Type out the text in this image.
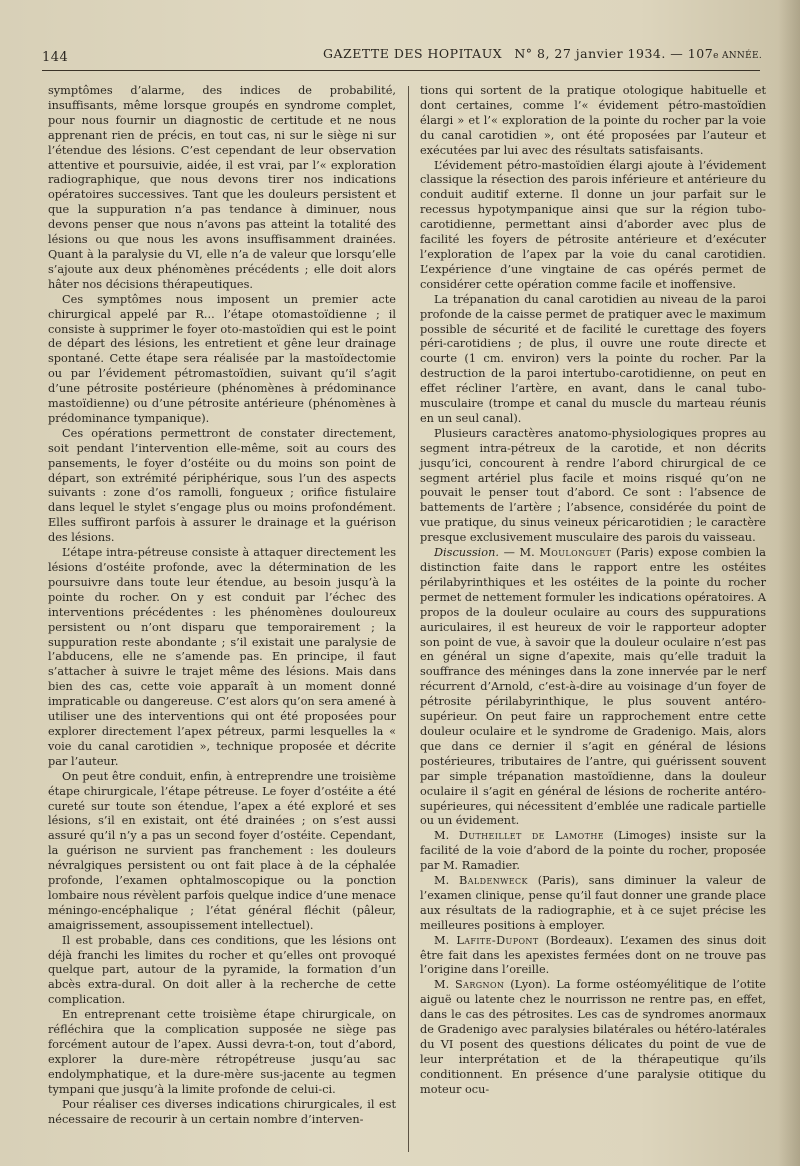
144	GAZETTE DES HOPITAUX N° 8, 27 janvier 1934. — 107e ANNÉE.

symptômes d’alarme, des indices de probabilité, insuffisants, même lorsque groupés en syndrome complet, pour nous fournir un diagnostic de certitude et ne nous apprenant rien de précis, en tout cas, ni sur le siège ni sur l’étendue des lésions. C’est cependant de leur observation attentive et poursuivie, aidée, il est vrai, par l’« exploration radiographique, que nous devons tirer nos indications opératoires successives. Tant que les douleurs persistent et que la suppuration n’a pas tendance à diminuer, nous devons penser que nous n’avons pas atteint la totalité des lésions ou que nous les avons insuffisamment drainées. Quant à la paralysie du VI, elle n’a de valeur que lorsqu’elle s’ajoute aux deux phénomènes précédents ; elle doit alors hâter nos décisions thérapeutiques.

Ces symptômes nous imposent un premier acte chirurgical appelé par R... l’étape otomastoïdienne ; il consiste à supprimer le foyer oto-mastoïdien qui est le point de départ des lésions, les entretient et gêne leur drainage spontané. Cette étape sera réalisée par la mastoïdectomie ou par l’évidement pétromastoïdien, suivant qu’il s’agit d’une pétrosite postérieure (phénomènes à prédominance mastoïdienne) ou d’une pétrosite antérieure (phénomènes à prédominance tympanique).

Ces opérations permettront de constater directement, soit pendant l’intervention elle-même, soit au cours des pansements, le foyer d’ostéite ou du moins son point de départ, son extrémité périphérique, sous l’un des aspects suivants : zone d’os ramolli, fongueux ; orifice fistulaire dans lequel le stylet s’engage plus ou moins profondément. Elles suffiront parfois à assurer le drainage et la guérison des lésions.

L’étape intra-pétreuse consiste à attaquer directement les lésions d’ostéite profonde, avec la détermination de les poursuivre dans toute leur étendue, au besoin jusqu’à la pointe du rocher. On y est conduit par l’échec des interventions précédentes : les phénomènes douloureux persistent ou n’ont disparu que temporairement ; la suppuration reste abondante ; s’il existait une paralysie de l’abducens, elle ne s’amende pas. En principe, il faut s’attacher à suivre le trajet même des lésions. Mais dans bien des cas, cette voie apparaît à un moment donné impraticable ou dangereuse. C’est alors qu’on sera amené à utiliser une des interventions qui ont été proposées pour explorer directement l’apex pétreux, parmi lesquelles la « voie du canal carotidien », technique proposée et décrite par l’auteur.

On peut être conduit, enfin, à entreprendre une troisième étape chirurgicale, l’étape pétreuse. Le foyer d’ostéite a été cureté sur toute son étendue, l’apex a été exploré et ses lésions, s’il en existait, ont été drainées ; on s’est aussi assuré qu’il n’y a pas un second foyer d’ostéite. Cependant, la guérison ne survient pas franchement : les douleurs névralgiques persistent ou ont fait place à de la céphalée profonde, l’examen ophtalmoscopique ou la ponction lombaire nous révèlent parfois quelque indice d’une menace méningo-encéphalique ; l’état général fléchit (pâleur, amaigrissement, assoupissement intellectuel).

Il est probable, dans ces conditions, que les lésions ont déjà franchi les limites du rocher et qu’elles ont provoqué quelque part, autour de la pyramide, la formation d’un abcès extra-dural. On doit aller à la recherche de cette complication.

En entreprenant cette troisième étape chirurgicale, on réfléchira que la complication supposée ne siège pas forcément autour de l’apex. Aussi devra-t-on, tout d’abord, explorer la dure-mère rétropétreuse jusqu’au sac endolymphatique, et la dure-mère sus-jacente au tegmen tympani que jusqu’à la limite profonde de celui-ci.

Pour réaliser ces diverses indications chirurgicales, il est nécessaire de recourir à un certain nombre d’interven-

tions qui sortent de la pratique otologique habituelle et dont certaines, comme l’« évidement pétro-mastoïdien élargi » et l’« exploration de la pointe du rocher par la voie du canal carotidien », ont été proposées par l’auteur et exécutées par lui avec des résultats satisfaisants.

L’évidement pétro-mastoïdien élargi ajoute à l’évidement classique la résection des parois inférieure et antérieure du conduit auditif externe. Il donne un jour parfait sur le recessus hypotympanique ainsi que sur la région tubo-carotidienne, permettant ainsi d’aborder avec plus de facilité les foyers de pétrosite antérieure et d’exécuter l’exploration de l’apex par la voie du canal carotidien. L’expérience d’une vingtaine de cas opérés permet de considérer cette opération comme facile et inoffensive.

La trépanation du canal carotidien au niveau de la paroi profonde de la caisse permet de pratiquer avec le maximum possible de sécurité et de facilité le curettage des foyers péri-carotidiens ; de plus, il ouvre une route directe et courte (1 cm. environ) vers la pointe du rocher. Par la destruction de la paroi intertubo-carotidienne, on peut en effet récliner l’artère, en avant, dans le canal tubo-musculaire (trompe et canal du muscle du marteau réunis en un seul canal).

Plusieurs caractères anatomo-physiologiques propres au segment intra-pétreux de la carotide, et non décrits jusqu’ici, concourent à rendre l’abord chirurgical de ce segment artériel plus facile et moins risqué qu’on ne pouvait le penser tout d’abord. Ce sont : l’absence de battements de l’artère ; l’absence, considérée du point de vue pratique, du sinus veineux péricarotidien ; le caractère presque exclusivement musculaire des parois du vaisseau.

Discussion. — M. Moulonguet (Paris) expose combien la distinction faite dans le rapport entre les ostéites périlabyrinthiques et les ostéites de la pointe du rocher permet de nettement formuler les indications opératoires. A propos de la douleur oculaire au cours des suppurations auriculaires, il est heureux de voir le rapporteur adopter son point de vue, à savoir que la douleur oculaire n’est pas en général un signe d’apexite, mais qu’elle traduit la souffrance des méninges dans la zone innervée par le nerf récurrent d’Arnold, c’est-à-dire au voisinage d’un foyer de pétrosite périlabyrinthique, le plus souvent antéro-supérieur. On peut faire un rapprochement entre cette douleur oculaire et le syndrome de Gradenigo. Mais, alors que dans ce dernier il s’agit en général de lésions postérieures, tributaires de l’antre, qui guérissent souvent par simple trépanation mastoïdienne, dans la douleur oculaire il s’agit en général de lésions de rocherite antéro-supérieures, qui nécessitent d’emblée une radicale partielle ou un évidement.

M. Dutheillet de Lamothe (Limoges) insiste sur la facilité de la voie d’abord de la pointe du rocher, proposée par M. Ramadier.

M. Baldenweck (Paris), sans diminuer la valeur de l’examen clinique, pense qu’il faut donner une grande place aux résultats de la radiographie, et à ce sujet précise les meilleures positions à employer.

M. Lafite-Dupont (Bordeaux). L’examen des sinus doit être fait dans les apexistes fermées dont on ne trouve pas l’origine dans l’oreille.

M. Sargnon (Lyon). La forme ostéomyélitique de l’otite aiguë ou latente chez le nourrisson ne rentre pas, en effet, dans le cas des pétrosites. Les cas de syndromes anormaux de Gradenigo avec paralysies bilatérales ou hétéro-latérales du VI posent des questions délicates du point de vue de leur interprétation et de la thérapeutique qu’ils conditionnent. En présence d’une paralysie otitique du moteur ocu-
